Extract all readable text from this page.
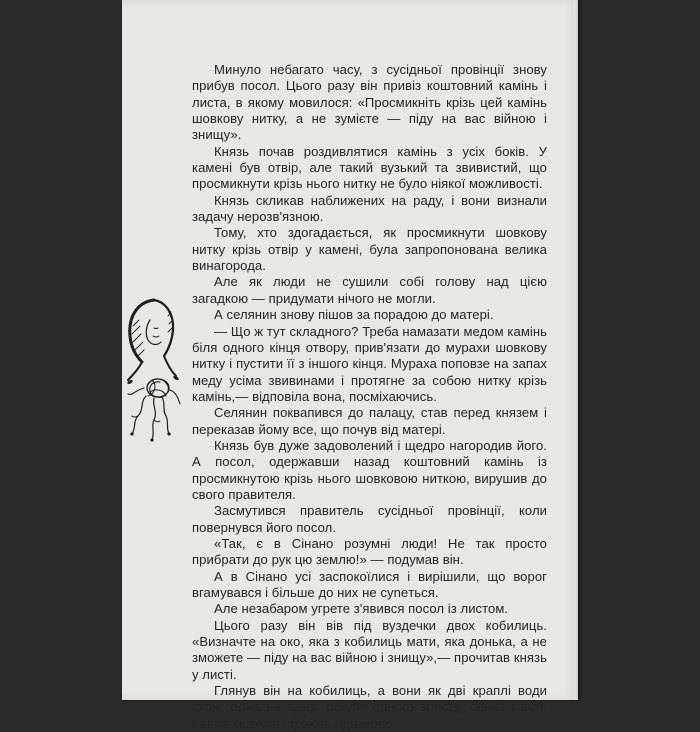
Минуло небагато часу, з сусідньої провінції знову прибув посол. Цього разу він привіз коштовний камінь і листа, в якому мовилося: «Просмикніть крізь цей камінь шовкову нитку, а не зумієте — піду на вас війною і знищу».

Князь почав роздивлятися камінь з усіх боків. У камені був отвір, але такий вузький та звивистий, що просмикнути крізь нього нитку не було ніякої можливості.

Князь скликав наближених на раду, і вони визнали задачу нерозв'язною.

Тому, хто здогадається, як просмикнути шовкову нитку крізь отвір у камені, була запропонована велика винагорода.

Але як люди не сушили собі голову над цією загадкою — придумати нічого не могли.

А селянин знову пішов за порадою до матері.

— Що ж тут складного? Треба намазати медом камінь біля одного кінця отвору, прив'язати до мурахи шовкову нитку і пустити її з іншого кінця. Мураха поповзе на запах меду усіма звивинами і протягне за собою нитку крізь камінь,— відповіла вона, посміхаючись.

Селянин поквапився до палацу, став перед князем і переказав йому все, що почув від матері.

Князь був дуже задоволений і щедро нагородив його. А посол, одержавши назад коштовний камінь із просмикнутою крізь нього шовковою ниткою, вирушив до свого правителя.

Засмутився правитель сусідньої провінції, коли повернувся його посол.

«Так, є в Сінано розумні люди! Не так просто прибрати до рук цю землю!» — подумав він.

А в Сінано усі заспокоїлися і вирішили, що ворог вгамувався і більше до них не суneться.

Але незабаром угрете з'явився посол із листом.

Цього разу він вів під вуздечки двох кобилиць. «Визначте на око, яка з кобилиць мати, яка донька, а не зможете — піду на вас війною і знищу»,— прочитав князь у листі.

Глянув він на кобилиць, а вони як дві краплі води схожі одна на одну: обидві одного зросту, однієї масті, навіть скачуть і грають однаково.
